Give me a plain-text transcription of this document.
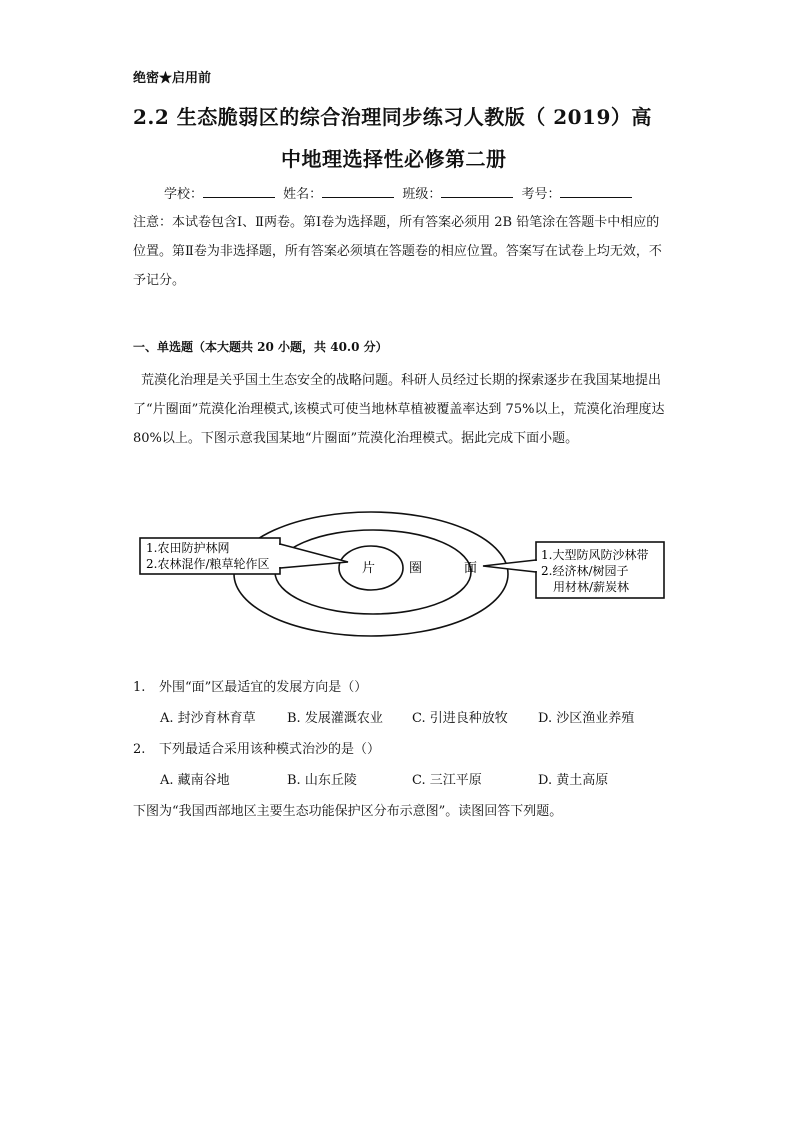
绝密★启用前
2.2 生态脆弱区的综合治理同步练习人教版（ 2019）高
中地理选择性必修第二册
学校：	姓名：	班级：	考号：
注意：本试卷包含Ⅰ、Ⅱ两卷。第Ⅰ卷为选择题，所有答案必须用 2B 铅笔涂在答题卡中相应的位置。第Ⅱ卷为非选择题，所有答案必须填在答题卷的相应位置。答案写在试卷上均无效，不予记分。
一、单选题（本大题共 20 小题，共 40.0 分）
荒漠化治理是关乎国土生态安全的战略问题。科研人员经过长期的探索逐步在我国某地提出了“片圈面”荒漠化治理模式,该模式可使当地林草植被覆盖率达到 75%以上，荒漠化治理度达 80%以上。下图示意我国某地“片圈面”荒漠化治理模式。据此完成下面小题。
1.农田防护林网
2.农林混作/粮草轮作区
1.大型防风防沙林带
2.经济林/树园子
用材林/薪炭林
片	圈	面
1. 外围“面”区最适宜的发展方向是（）
A. 封沙育林育草 B. 发展灌溉农业 C. 引进良种放牧 D. 沙区渔业养殖
2. 下列最适合采用该种模式治沙的是（）
A. 藏南谷地	B. 山东丘陵	C. 三江平原	D. 黄土高原
下图为“我国西部地区主要生态功能保护区分布示意图”。读图回答下列题。
